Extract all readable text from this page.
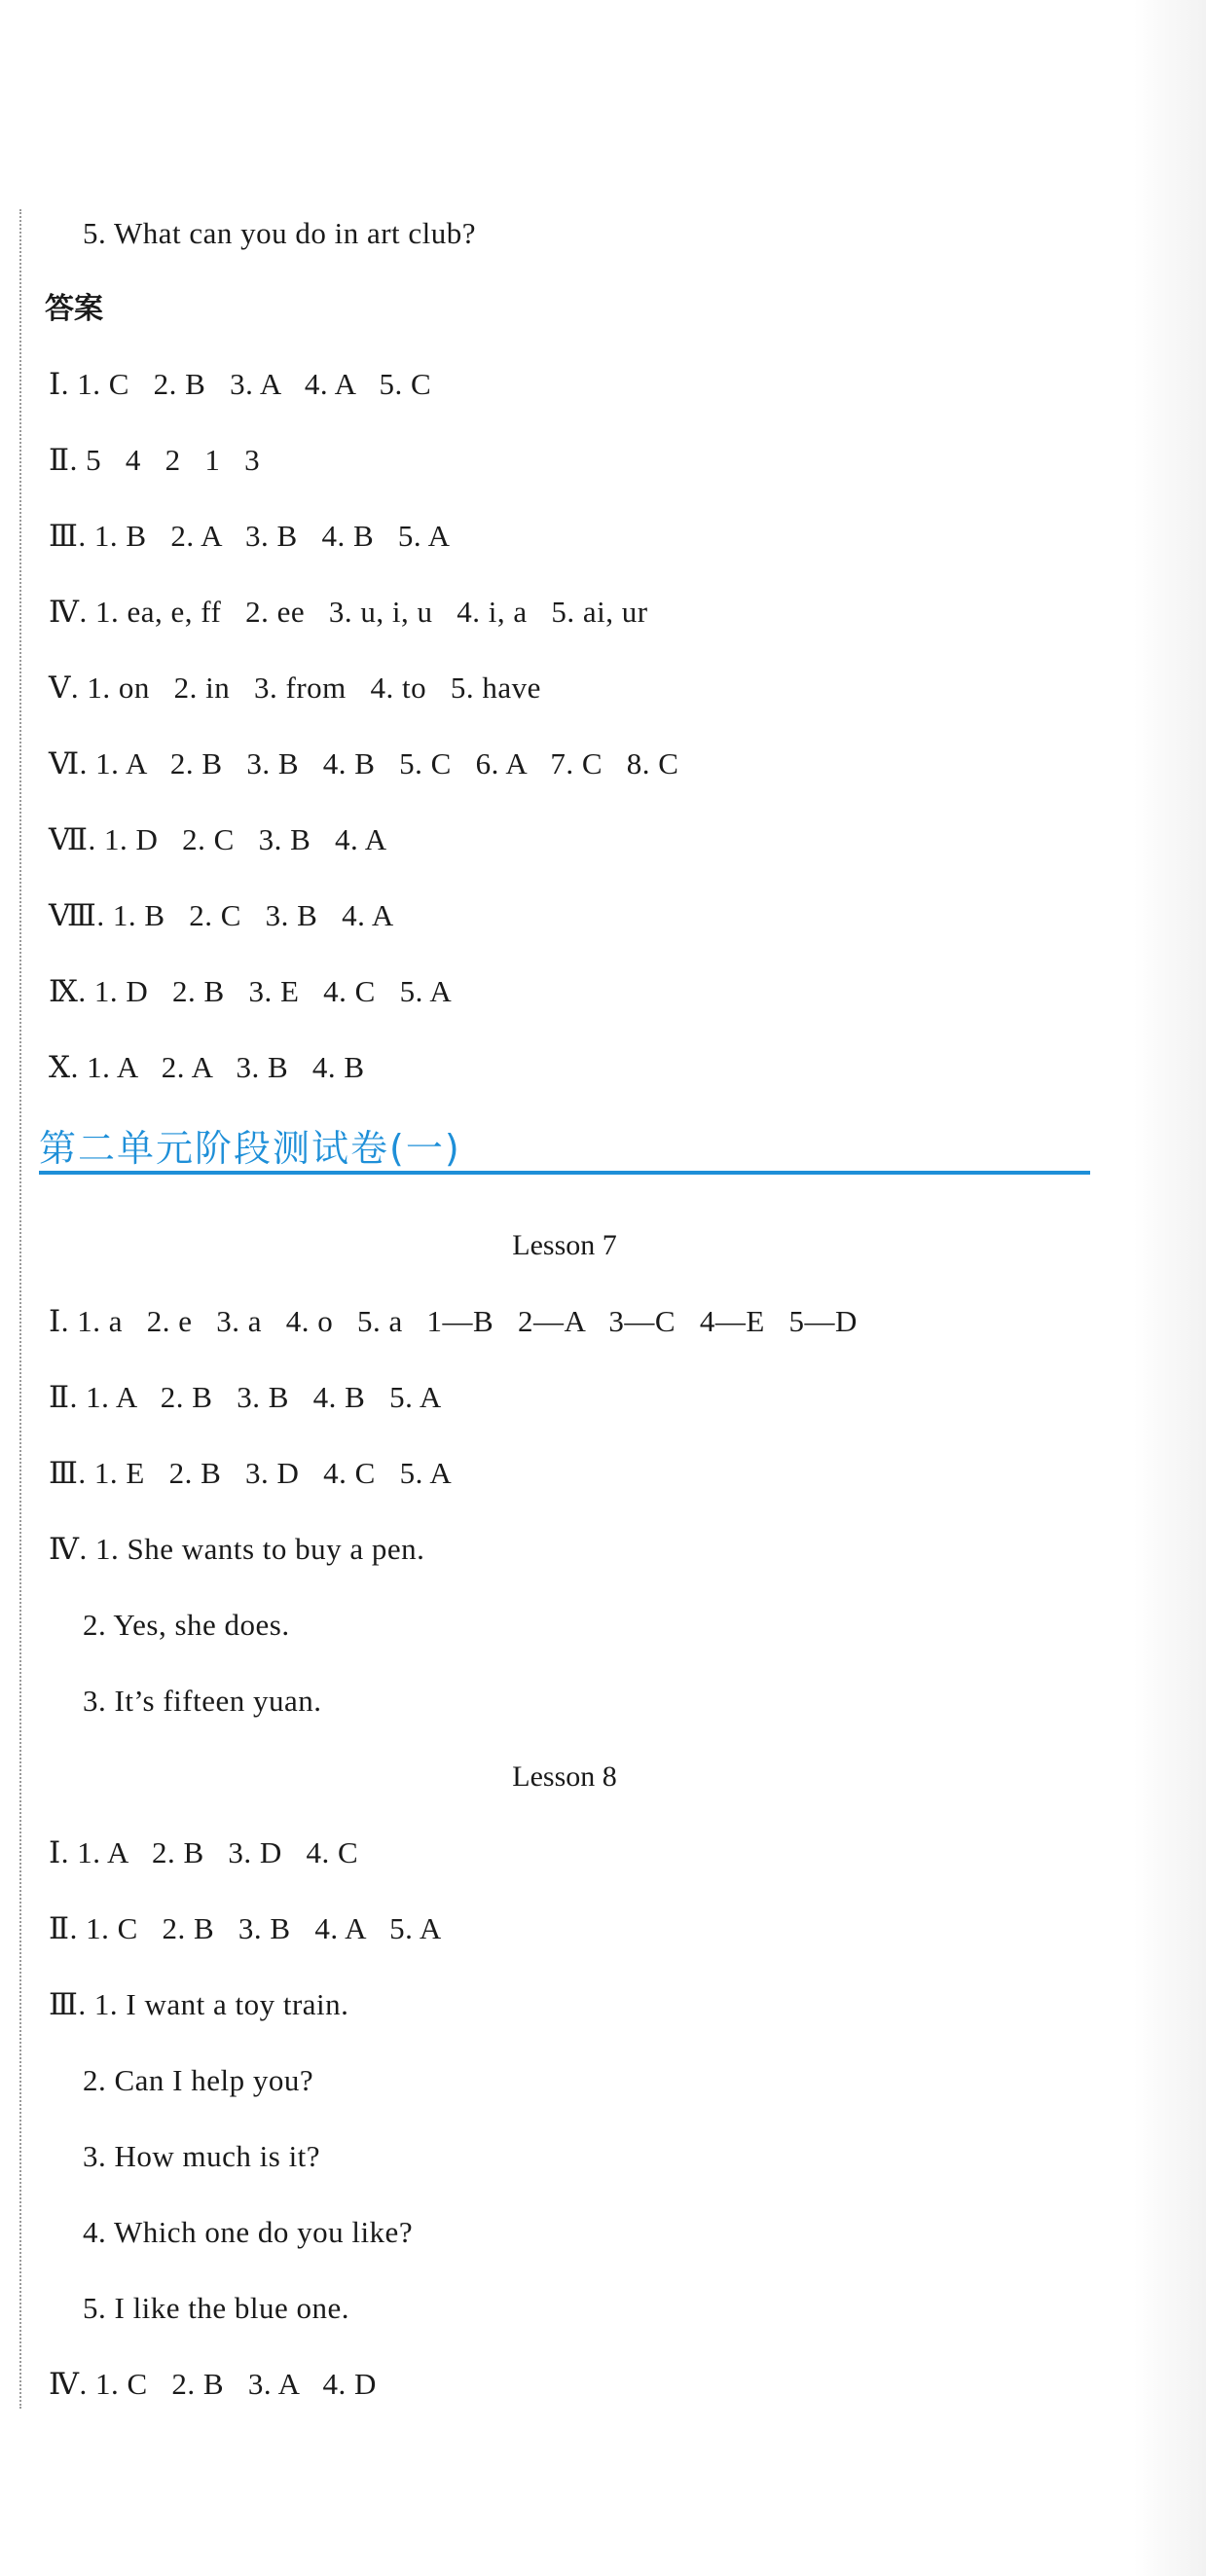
5. What can you do in art club?
答案
Ⅰ. 1. C   2. B   3. A   4. A   5. C
Ⅱ. 5   4   2   1   3
Ⅲ. 1. B   2. A   3. B   4. B   5. A
Ⅳ. 1. ea, e, ff   2. ee   3. u, i, u   4. i, a   5. ai, ur
Ⅴ. 1. on   2. in   3. from   4. to   5. have
Ⅵ. 1. A   2. B   3. B   4. B   5. C   6. A   7. C   8. C
Ⅶ. 1. D   2. C   3. B   4. A
Ⅷ. 1. B   2. C   3. B   4. A
Ⅸ. 1. D   2. B   3. E   4. C   5. A
Ⅹ. 1. A   2. A   3. B   4. B
第二单元阶段测试卷(一)
Lesson 7
Ⅰ. 1. a   2. e   3. a   4. o   5. a   1—B   2—A   3—C   4—E   5—D
Ⅱ. 1. A   2. B   3. B   4. B   5. A
Ⅲ. 1. E   2. B   3. D   4. C   5. A
Ⅳ. 1. She wants to buy a pen.
2. Yes, she does.
3. It’s fifteen yuan.
Lesson 8
Ⅰ. 1. A   2. B   3. D   4. C
Ⅱ. 1. C   2. B   3. B   4. A   5. A
Ⅲ. 1. I want a toy train.
2. Can I help you?
3. How much is it?
4. Which one do you like?
5. I like the blue one.
Ⅳ. 1. C   2. B   3. A   4. D
